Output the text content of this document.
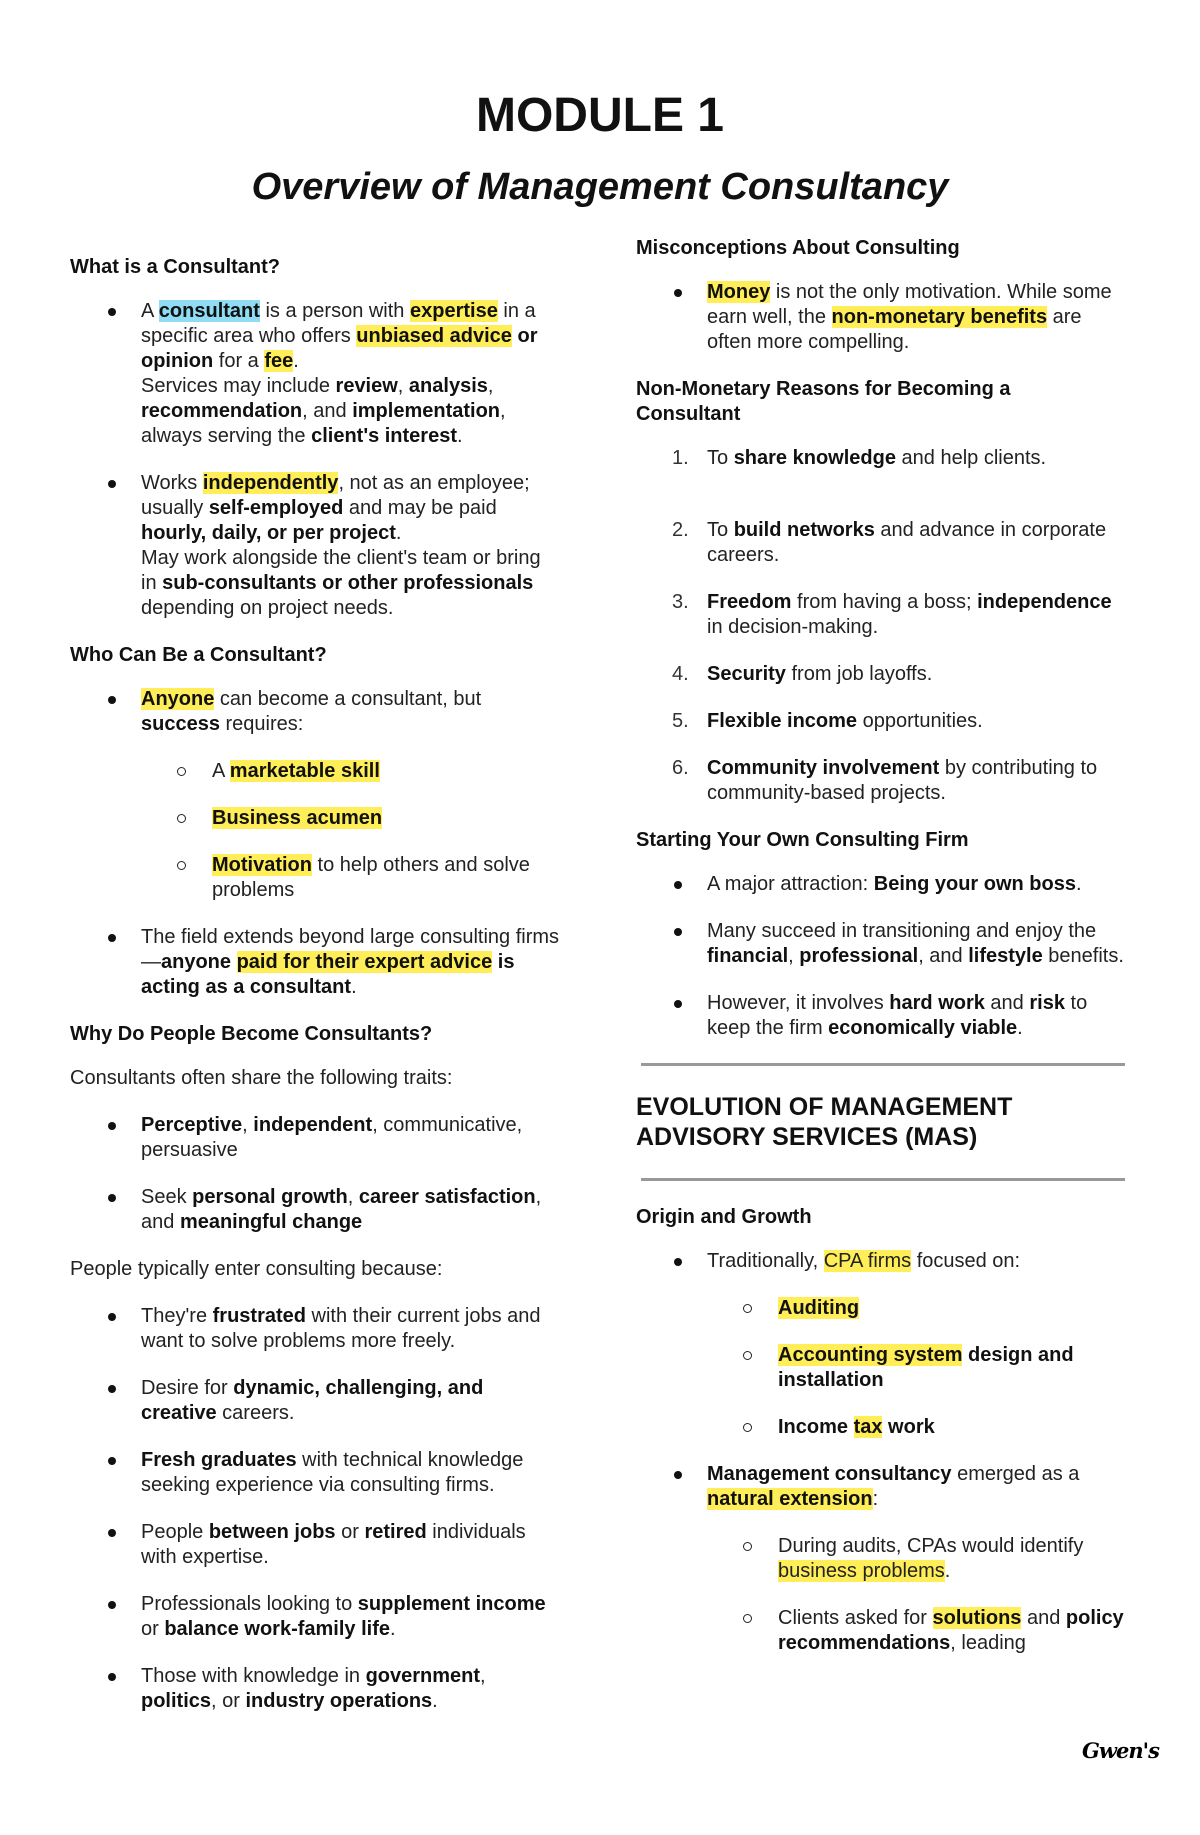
MODULE 1
Overview of Management Consultancy
What is a Consultant?
A consultant is a person with expertise in a specific area who offers unbiased advice or opinion for a fee.
Services may include review, analysis, recommendation, and implementation, always serving the client's interest.
Works independently, not as an employee; usually self-employed and may be paid hourly, daily, or per project.
May work alongside the client's team or bring in sub-consultants or other professionals depending on project needs.
Who Can Be a Consultant?
Anyone can become a consultant, but success requires:
A marketable skill
Business acumen
Motivation to help others and solve problems
The field extends beyond large consulting firms—anyone paid for their expert advice is acting as a consultant.
Why Do People Become Consultants?
Consultants often share the following traits:
Perceptive, independent, communicative, persuasive
Seek personal growth, career satisfaction, and meaningful change
People typically enter consulting because:
They're frustrated with their current jobs and want to solve problems more freely.
Desire for dynamic, challenging, and creative careers.
Fresh graduates with technical knowledge seeking experience via consulting firms.
People between jobs or retired individuals with expertise.
Professionals looking to supplement income or balance work-family life.
Those with knowledge in government, politics, or industry operations.
Misconceptions About Consulting
Money is not the only motivation. While some earn well, the non-monetary benefits are often more compelling.
Non-Monetary Reasons for Becoming a Consultant
1. To share knowledge and help clients.
2. To build networks and advance in corporate careers.
3. Freedom from having a boss; independence in decision-making.
4. Security from job layoffs.
5. Flexible income opportunities.
6. Community involvement by contributing to community-based projects.
Starting Your Own Consulting Firm
A major attraction: Being your own boss.
Many succeed in transitioning and enjoy the financial, professional, and lifestyle benefits.
However, it involves hard work and risk to keep the firm economically viable.
EVOLUTION OF MANAGEMENT ADVISORY SERVICES (MAS)
Origin and Growth
Traditionally, CPA firms focused on:
Auditing
Accounting system design and installation
Income tax work
Management consultancy emerged as a natural extension:
During audits, CPAs would identify business problems.
Clients asked for solutions and policy recommendations, leading
Gwen's
